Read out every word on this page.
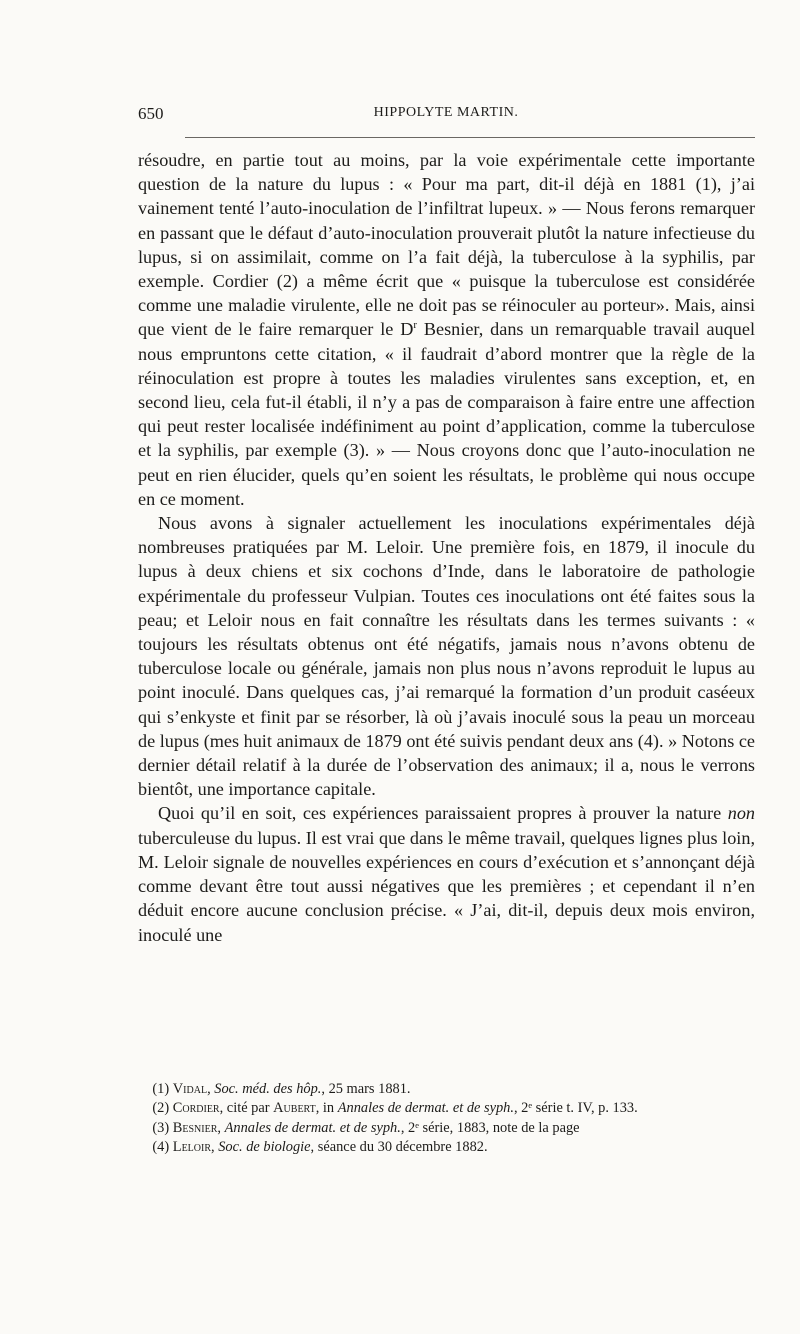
650	HIPPOLYTE MARTIN.

résoudre, en partie tout au moins, par la voie expérimentale cette importante question de la nature du lupus : « Pour ma part, dit-il déjà en 1881 (1), j’ai vainement tenté l’auto-inoculation de l’infiltrat lupeux. » — Nous ferons remarquer en passant que le défaut d’auto-inoculation prouverait plutôt la nature infectieuse du lupus, si on assimilait, comme on l’a fait déjà, la tuberculose à la syphilis, par exemple. Cordier (2) a même écrit que « puisque la tuberculose est considérée comme une maladie virulente, elle ne doit pas se réinoculer au porteur». Mais, ainsi que vient de le faire remarquer le $D^r$ Besnier, dans un remarquable travail auquel nous empruntons cette citation, « il faudrait d’abord montrer que la règle de la réinoculation est propre à toutes les maladies virulentes sans exception, et, en second lieu, cela fut-il établi, il n’y a pas de comparaison à faire entre une affection qui peut rester localisée indéfiniment au point d’application, comme la tuberculose et la syphilis, par exemple (3). » — Nous croyons donc que l’auto-inoculation ne peut en rien élucider, quels qu’en soient les résultats, le problème qui nous occupe en ce moment.

Nous avons à signaler actuellement les inoculations expérimentales déjà nombreuses pratiquées par M. Leloir. Une première fois, en 1879, il inocule du lupus à deux chiens et six cochons d’Inde, dans le laboratoire de pathologie expérimentale du professeur Vulpian. Toutes ces inoculations ont été faites sous la peau; et Leloir nous en fait connaître les résultats dans les termes suivants : « toujours les résultats obtenus ont été négatifs, jamais nous n’avons obtenu de tuberculose locale ou générale, jamais non plus nous n’avons reproduit le lupus au point inoculé. Dans quelques cas, j’ai remarqué la formation d’un produit caséeux qui s’enkyste et finit par se résorber, là où j’avais inoculé sous la peau un morceau de lupus (mes huit animaux de 1879 ont été suivis pendant deux ans (4). » Notons ce dernier détail relatif à la durée de l’observation des animaux; il a, nous le verrons bientôt, une importance capitale.

Quoi qu’il en soit, ces expériences paraissaient propres à prouver la nature non tuberculeuse du lupus. Il est vrai que dans le même travail, quelques lignes plus loin, M. Leloir signale de nouvelles expériences en cours d’exécution et s’annonçant déjà comme devant être tout aussi négatives que les premières ; et cependant il n’en déduit encore aucune conclusion précise. « J’ai, dit-il, depuis deux mois environ, inoculé une

(1) Vidal, Soc. méd. des hôp., 25 mars 1881.

(2) Cordier, cité par Aubert, in Annales de dermat. et de syph., 2ᵉ série t. IV, p. 133.

(3) Besnier, Annales de dermat. et de syph., 2ᵉ série, 1883, note de la page

(4) Leloir, Soc. de biologie, séance du 30 décembre 1882.
